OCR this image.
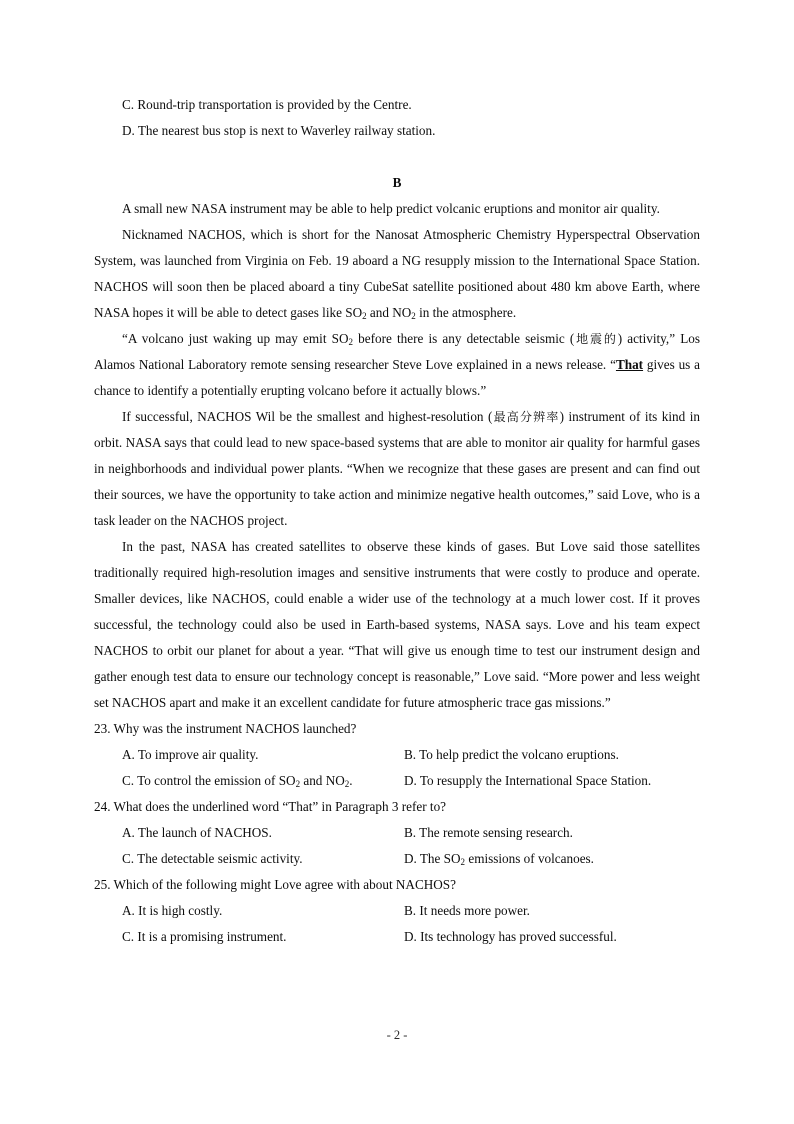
C. Round-trip transportation is provided by the Centre.
D. The nearest bus stop is next to Waverley railway station.
B

A small new NASA instrument may be able to help predict volcanic eruptions and monitor air quality.

Nicknamed NACHOS, which is short for the Nanosat Atmospheric Chemistry Hyperspectral Observation System, was launched from Virginia on Feb. 19 aboard a NG resupply mission to the International Space Station. NACHOS will soon then be placed aboard a tiny CubeSat satellite positioned about 480 km above Earth, where NASA hopes it will be able to detect gases like $SO_2$ and $NO_2$ in the atmosphere.

“A volcano just waking up may emit $SO_2$ before there is any detectable seismic (地震的) activity,” Los Alamos National Laboratory remote sensing researcher Steve Love explained in a news release. “That gives us a chance to identify a potentially erupting volcano before it actually blows.”

If successful, NACHOS Wil be the smallest and highest-resolution (最高分辨率) instrument of its kind in orbit. NASA says that could lead to new space-based systems that are able to monitor air quality for harmful gases in neighborhoods and individual power plants. “When we recognize that these gases are present and can find out their sources, we have the opportunity to take action and minimize negative health outcomes,” said Love, who is a task leader on the NACHOS project.

In the past, NASA has created satellites to observe these kinds of gases. But Love said those satellites traditionally required high-resolution images and sensitive instruments that were costly to produce and operate. Smaller devices, like NACHOS, could enable a wider use of the technology at a much lower cost. If it proves successful, the technology could also be used in Earth-based systems, NASA says. Love and his team expect NACHOS to orbit our planet for about a year. “That will give us enough time to test our instrument design and gather enough test data to ensure our technology concept is reasonable,” Love said. “More power and less weight set NACHOS apart and make it an excellent candidate for future atmospheric trace gas missions.”

23. Why was the instrument NACHOS launched?
A. To improve air quality.	B. To help predict the volcano eruptions.
C. To control the emission of $SO_2$ and $NO_2$.	D. To resupply the International Space Station.
24. What does the underlined word “That” in Paragraph 3 refer to?
A. The launch of NACHOS.	B. The remote sensing research.
C. The detectable seismic activity.	D. The $SO_2$ emissions of volcanoes.
25. Which of the following might Love agree with about NACHOS?
A. It is high costly.	B. It needs more power.
C. It is a promising instrument.	D. Its technology has proved successful.
- 2 -
